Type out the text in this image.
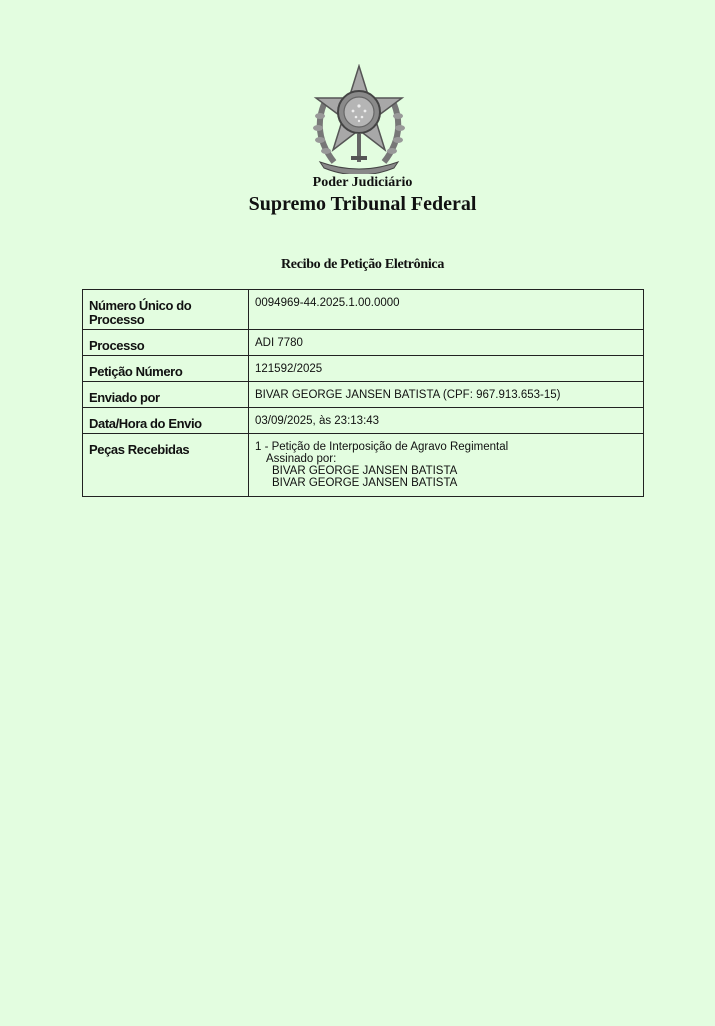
Poder Judiciário
Supremo Tribunal Federal
Recibo de Petição Eletrônica
Número Único do Processo	0094969-44.2025.1.00.0000
Processo	ADI 7780
Petição Número	121592/2025
Enviado por	BIVAR GEORGE JANSEN BATISTA (CPF: 967.913.653-15)
Data/Hora do Envio	03/09/2025, às 23:13:43
Peças Recebidas	1 - Petição de Interposição de Agravo Regimental
Assinado por:
BIVAR GEORGE JANSEN BATISTA
BIVAR GEORGE JANSEN BATISTA
